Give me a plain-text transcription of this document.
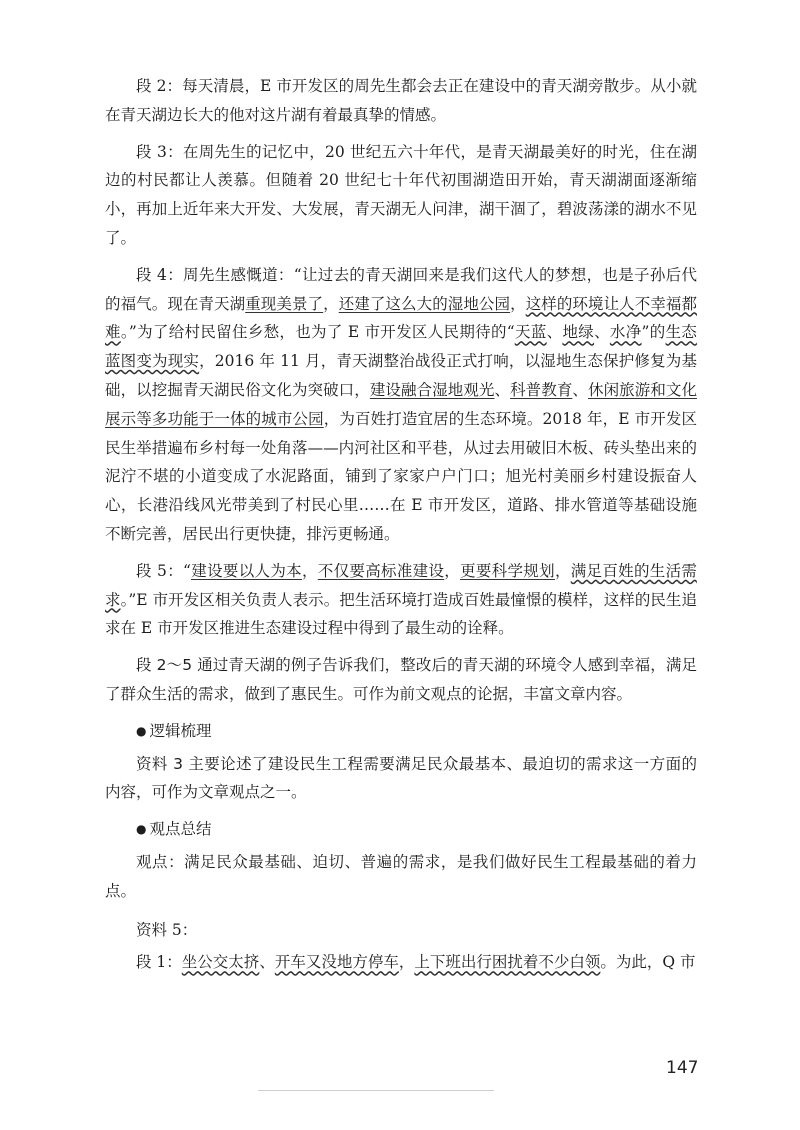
段 2：每天清晨，E 市开发区的周先生都会去正在建设中的青天湖旁散步。从小就在青天湖边长大的他对这片湖有着最真挚的情感。

段 3：在周先生的记忆中，20 世纪五六十年代，是青天湖最美好的时光，住在湖边的村民都让人羡慕。但随着 20 世纪七十年代初围湖造田开始，青天湖湖面逐渐缩小，再加上近年来大开发、大发展，青天湖无人问津，湖干涸了，碧波荡漾的湖水不见了。

段 4：周先生感慨道：“让过去的青天湖回来是我们这代人的梦想，也是子孙后代的福气。现在青天湖重现美景了，还建了这么大的湿地公园，这样的环境让人不幸福都难。”为了给村民留住乡愁，也为了 E 市开发区人民期待的“天蓝、地绿、水净”的生态蓝图变为现实，2016 年 11 月，青天湖整治战役正式打响，以湿地生态保护修复为基础，以挖掘青天湖民俗文化为突破口，建设融合湿地观光、科普教育、休闲旅游和文化展示等多功能于一体的城市公园，为百姓打造宜居的生态环境。2018 年，E 市开发区民生举措遍布乡村每一处角落——内河社区和平巷，从过去用破旧木板、砖头垫出来的泥泞不堪的小道变成了水泥路面，铺到了家家户户门口；旭光村美丽乡村建设振奋人心，长港沿线风光带美到了村民心里……在 E 市开发区，道路、排水管道等基础设施不断完善，居民出行更快捷，排污更畅通。

段 5：“建设要以人为本，不仅要高标准建设，更要科学规划，满足百姓的生活需求。”E 市开发区相关负责人表示。把生活环境打造成百姓最憧憬的模样，这样的民生追求在 E 市开发区推进生态建设过程中得到了最生动的诠释。

段 2～5 通过青天湖的例子告诉我们，整改后的青天湖的环境令人感到幸福，满足了群众生活的需求，做到了惠民生。可作为前文观点的论据，丰富文章内容。

● 逻辑梳理

资料 3 主要论述了建设民生工程需要满足民众最基本、最迫切的需求这一方面的内容，可作为文章观点之一。

● 观点总结

观点：满足民众最基础、迫切、普遍的需求，是我们做好民生工程最基础的着力点。

资料 5：

段 1：坐公交太挤、开车又没地方停车，上下班出行困扰着不少白领。为此，Q 市

147
